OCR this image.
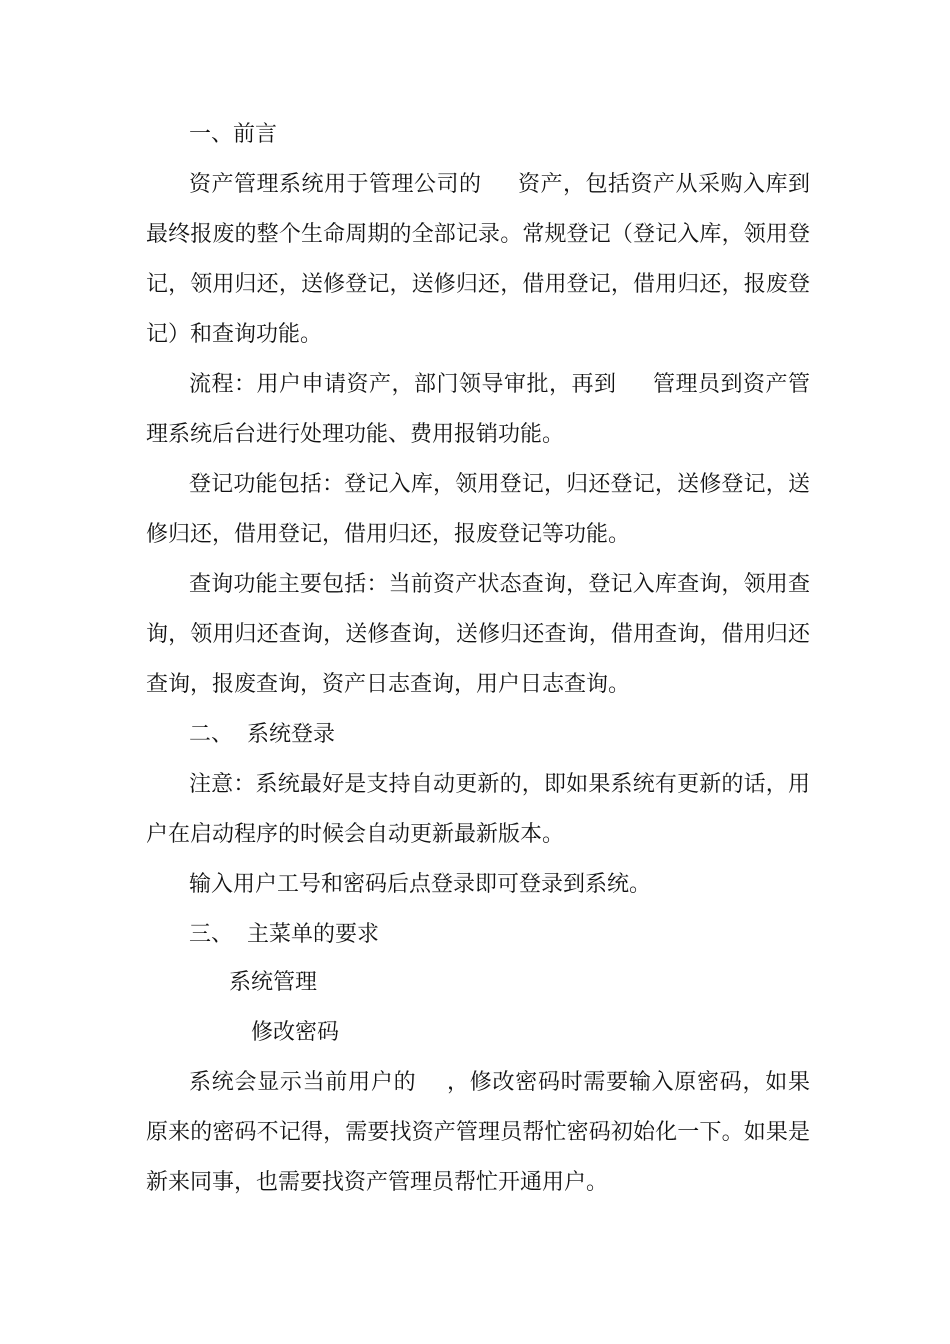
一、前言
资产管理系统用于管理公司的 资产，包括资产从采购入库到
最终报废的整个生命周期的全部记录。常规登记（登记入库，领用登
记，领用归还，送修登记，送修归还，借用登记，借用归还，报废登
记）和查询功能。
流程：用户申请资产，部门领导审批，再到 管理员到资产管
理系统后台进行处理功能、费用报销功能。
登记功能包括：登记入库，领用登记，归还登记，送修登记，送
修归还，借用登记，借用归还，报废登记等功能。
查询功能主要包括：当前资产状态查询，登记入库查询，领用查
询，领用归还查询，送修查询，送修归还查询，借用查询，借用归还
查询，报废查询，资产日志查询，用户日志查询。
二、 系统登录
注意：系统最好是支持自动更新的，即如果系统有更新的话，用
户在启动程序的时候会自动更新最新版本。
输入用户工号和密码后点登录即可登录到系统。
三、 主菜单的要求
系统管理
修改密码
系统会显示当前用户的 ，修改密码时需要输入原密码，如果
原来的密码不记得，需要找资产管理员帮忙密码初始化一下。如果是
新来同事，也需要找资产管理员帮忙开通用户。
